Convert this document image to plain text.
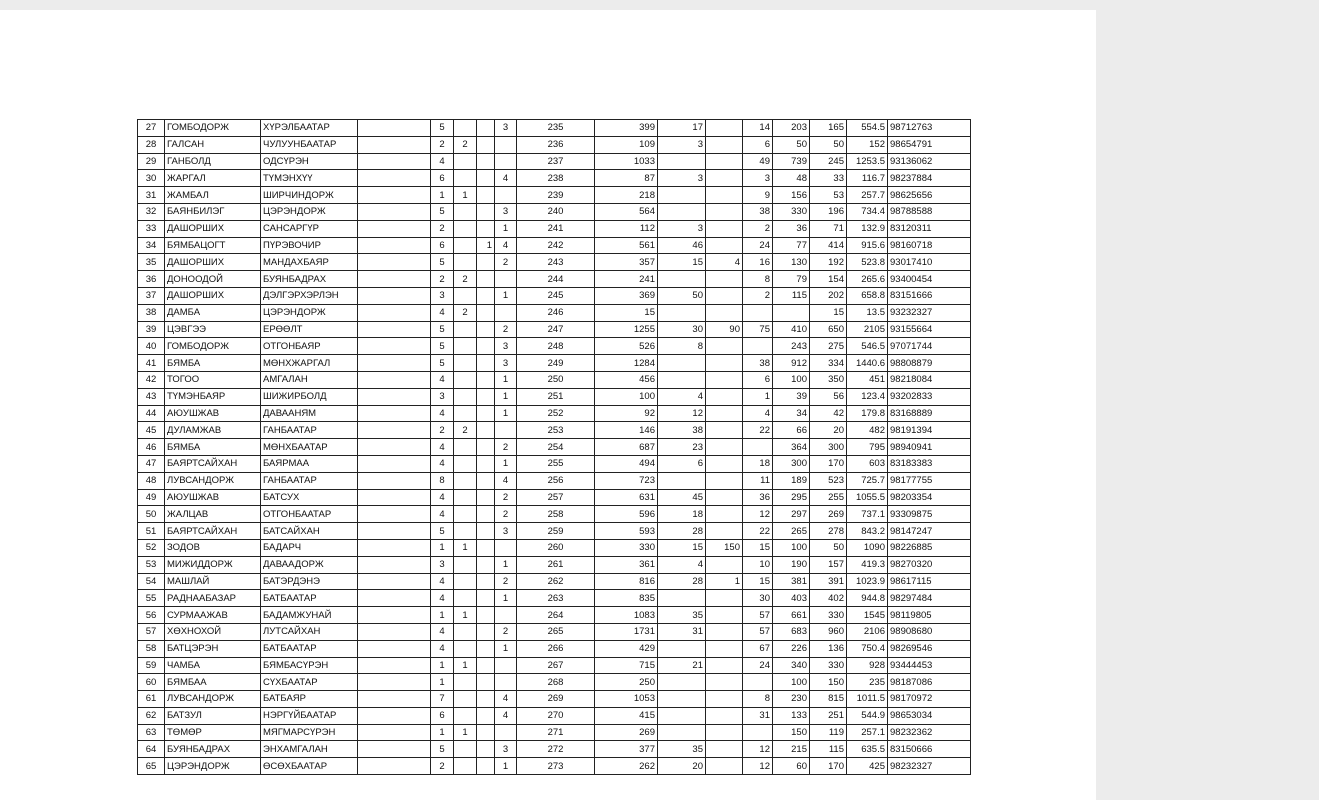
27	ГОМБОДОРЖ	ХҮРЭЛБААТАР		5			3	235	399	17		14	203	165	554.5	98712763
28	ГАЛСАН	ЧУЛУУНБААТАР		2	2			236	109	3		6	50	50	152	98654791
29	ГАНБОЛД	ОДСҮРЭН		4				237	1033			49	739	245	1253.5	93136062
30	ЖАРГАЛ	ТҮМЭНХҮҮ		6			4	238	87	3		3	48	33	116.7	98237884
31	ЖАМБАЛ	ШИРЧИНДОРЖ		1	1			239	218			9	156	53	257.7	98625656
32	БАЯНБИЛЭГ	ЦЭРЭНДОРЖ		5			3	240	564			38	330	196	734.4	98788588
33	ДАШОРШИХ	САНСАРГҮР		2			1	241	112	3		2	36	71	132.9	83120311
34	БЯМБАЦОГТ	ПҮРЭВОЧИР		6		1	4	242	561	46		24	77	414	915.6	98160718
35	ДАШОРШИХ	МАНДАХБАЯР		5			2	243	357	15	4	16	130	192	523.8	93017410
36	ДОНООДОЙ	БУЯНБАДРАХ		2	2			244	241			8	79	154	265.6	93400454
37	ДАШОРШИХ	ДЭЛГЭРХЭРЛЭН		3			1	245	369	50		2	115	202	658.8	83151666
38	ДАМБА	ЦЭРЭНДОРЖ		4	2			246	15					15	13.5	93232327
39	ЦЭВГЭЭ	ЕРӨӨЛТ		5			2	247	1255	30	90	75	410	650	2105	93155664
40	ГОМБОДОРЖ	ОТГОНБАЯР		5			3	248	526	8			243	275	546.5	97071744
41	БЯМБА	МӨНХЖАРГАЛ		5			3	249	1284			38	912	334	1440.6	98808879
42	ТОГОО	АМГАЛАН		4			1	250	456			6	100	350	451	98218084
43	ТҮМЭНБАЯР	ШИЖИРБОЛД		3			1	251	100	4		1	39	56	123.4	93202833
44	АЮУШЖАВ	ДАВААНЯМ		4			1	252	92	12		4	34	42	179.8	83168889
45	ДУЛАМЖАВ	ГАНБААТАР		2	2			253	146	38		22	66	20	482	98191394
46	БЯМБА	МӨНХБААТАР		4			2	254	687	23			364	300	795	98940941
47	БАЯРТСАЙХАН	БАЯРМАА		4			1	255	494	6		18	300	170	603	83183383
48	ЛУВСАНДОРЖ	ГАНБААТАР		8			4	256	723			11	189	523	725.7	98177755
49	АЮУШЖАВ	БАТСУХ		4			2	257	631	45		36	295	255	1055.5	98203354
50	ЖАЛЦАВ	ОТГОНБААТАР		4			2	258	596	18		12	297	269	737.1	93309875
51	БАЯРТСАЙХАН	БАТСАЙХАН		5			3	259	593	28		22	265	278	843.2	98147247
52	ЗОДОВ	БАДАРЧ		1	1			260	330	15	150	15	100	50	1090	98226885
53	МИЖИДДОРЖ	ДАВААДОРЖ		3			1	261	361	4		10	190	157	419.3	98270320
54	МАШЛАЙ	БАТЭРДЭНЭ		4			2	262	816	28	1	15	381	391	1023.9	98617115
55	РАДНААБАЗАР	БАТБААТАР		4			1	263	835			30	403	402	944.8	98297484
56	СУРМААЖАВ	БАДАМЖУНАЙ		1	1			264	1083	35		57	661	330	1545	98119805
57	ХӨХНОХОЙ	ЛУТСАЙХАН		4			2	265	1731	31		57	683	960	2106	98908680
58	БАТЦЭРЭН	БАТБААТАР		4			1	266	429			67	226	136	750.4	98269546
59	ЧАМБА	БЯМБАСҮРЭН		1	1			267	715	21		24	340	330	928	93444453
60	БЯМБАА	СҮХБААТАР		1				268	250				100	150	235	98187086
61	ЛУВСАНДОРЖ	БАТБАЯР		7			4	269	1053			8	230	815	1011.5	98170972
62	БАТЗУЛ	НЭРГҮЙБААТАР		6			4	270	415			31	133	251	544.9	98653034
63	ТӨМӨР	МЯГМАРСҮРЭН		1	1			271	269				150	119	257.1	98232362
64	БУЯНБАДРАХ	ЭНХАМГАЛАН		5			3	272	377	35		12	215	115	635.5	83150666
65	ЦЭРЭНДОРЖ	ӨСӨХБААТАР		2			1	273	262	20		12	60	170	425	98232327
